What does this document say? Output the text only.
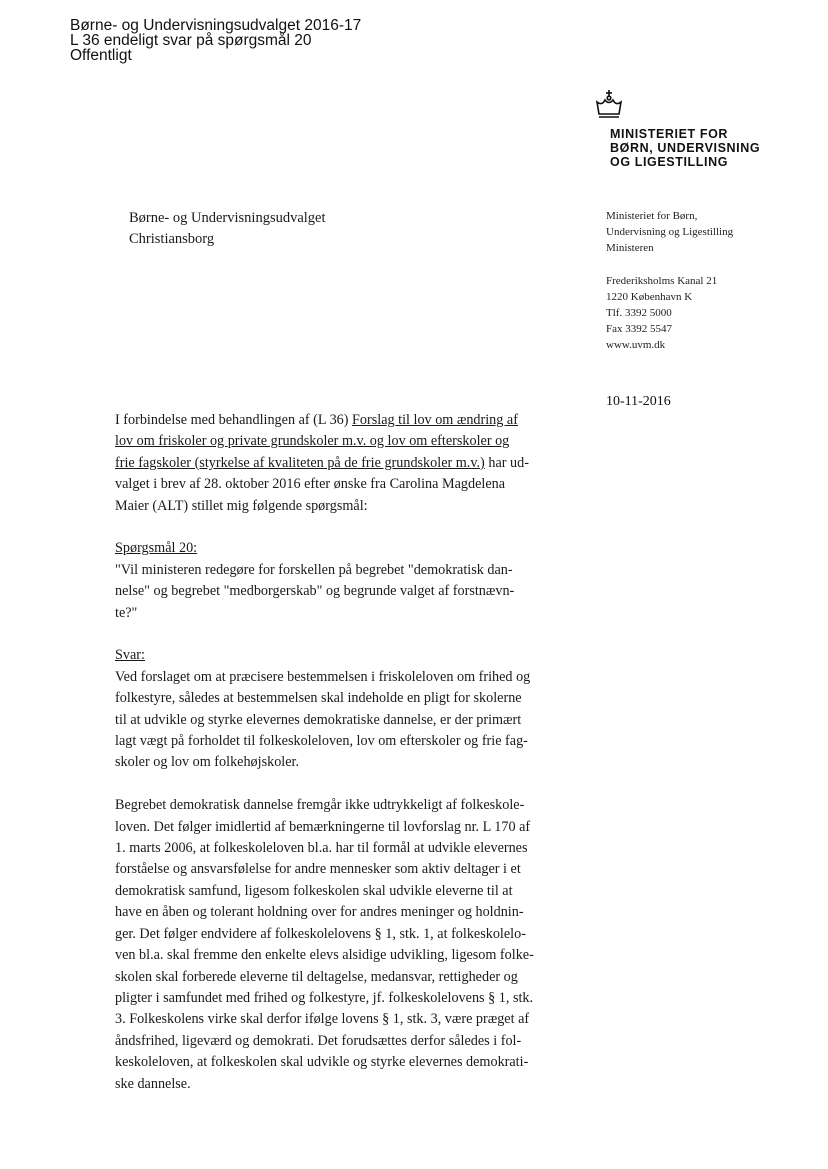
Børne- og Undervisningsudvalget 2016-17
L 36 endeligt svar på spørgsmål 20
Offentligt
MINISTERIET FOR
BØRN, UNDERVISNING
OG LIGESTILLING
Børne- og Undervisningsudvalget
Christiansborg
Ministeriet for Børn,
Undervisning og Ligestilling
Ministeren
Frederiksholms Kanal 21
1220 København K
Tlf. 3392 5000
Fax 3392 5547
www.uvm.dk
10-11-2016

I forbindelse med behandlingen af (L 36) Forslag til lov om ændring af
lov om friskoler og private grundskoler m.v. og lov om efterskoler og
frie fagskoler (styrkelse af kvaliteten på de frie grundskoler m.v.) har ud-
valget i brev af 28. oktober 2016 efter ønske fra Carolina Magdelena
Maier (ALT) stillet mig følgende spørgsmål:

Spørgsmål 20:
"Vil ministeren redegøre for forskellen på begrebet "demokratisk dan-
nelse" og begrebet "medborgerskab" og begrunde valget af forstnævn-
te?"

Svar:
Ved forslaget om at præcisere bestemmelsen i friskoleloven om frihed og
folkestyre, således at bestemmelsen skal indeholde en pligt for skolerne
til at udvikle og styrke elevernes demokratiske dannelse, er der primært
lagt vægt på forholdet til folkeskoleloven, lov om efterskoler og frie fag-
skoler og lov om folkehøjskoler.

Begrebet demokratisk dannelse fremgår ikke udtrykkeligt af folkeskole-
loven. Det følger imidlertid af bemærkningerne til lovforslag nr. L 170 af
1. marts 2006, at folkeskoleloven bl.a. har til formål at udvikle elevernes
forståelse og ansvarsfølelse for andre mennesker som aktiv deltager i et
demokratisk samfund, ligesom folkeskolen skal udvikle eleverne til at
have en åben og tolerant holdning over for andres meninger og holdnin-
ger. Det følger endvidere af folkeskolelovens § 1, stk. 1, at folkeskolelo-
ven bl.a. skal fremme den enkelte elevs alsidige udvikling, ligesom folke-
skolen skal forberede eleverne til deltagelse, medansvar, rettigheder og
pligter i samfundet med frihed og folkestyre, jf. folkeskolelovens § 1, stk.
3. Folkeskolens virke skal derfor ifølge lovens § 1, stk. 3, være præget af
åndsfrihed, ligeværd og demokrati. Det forudsættes derfor således i fol-
keskoleloven, at folkeskolen skal udvikle og styrke elevernes demokrati-
ske dannelse.
